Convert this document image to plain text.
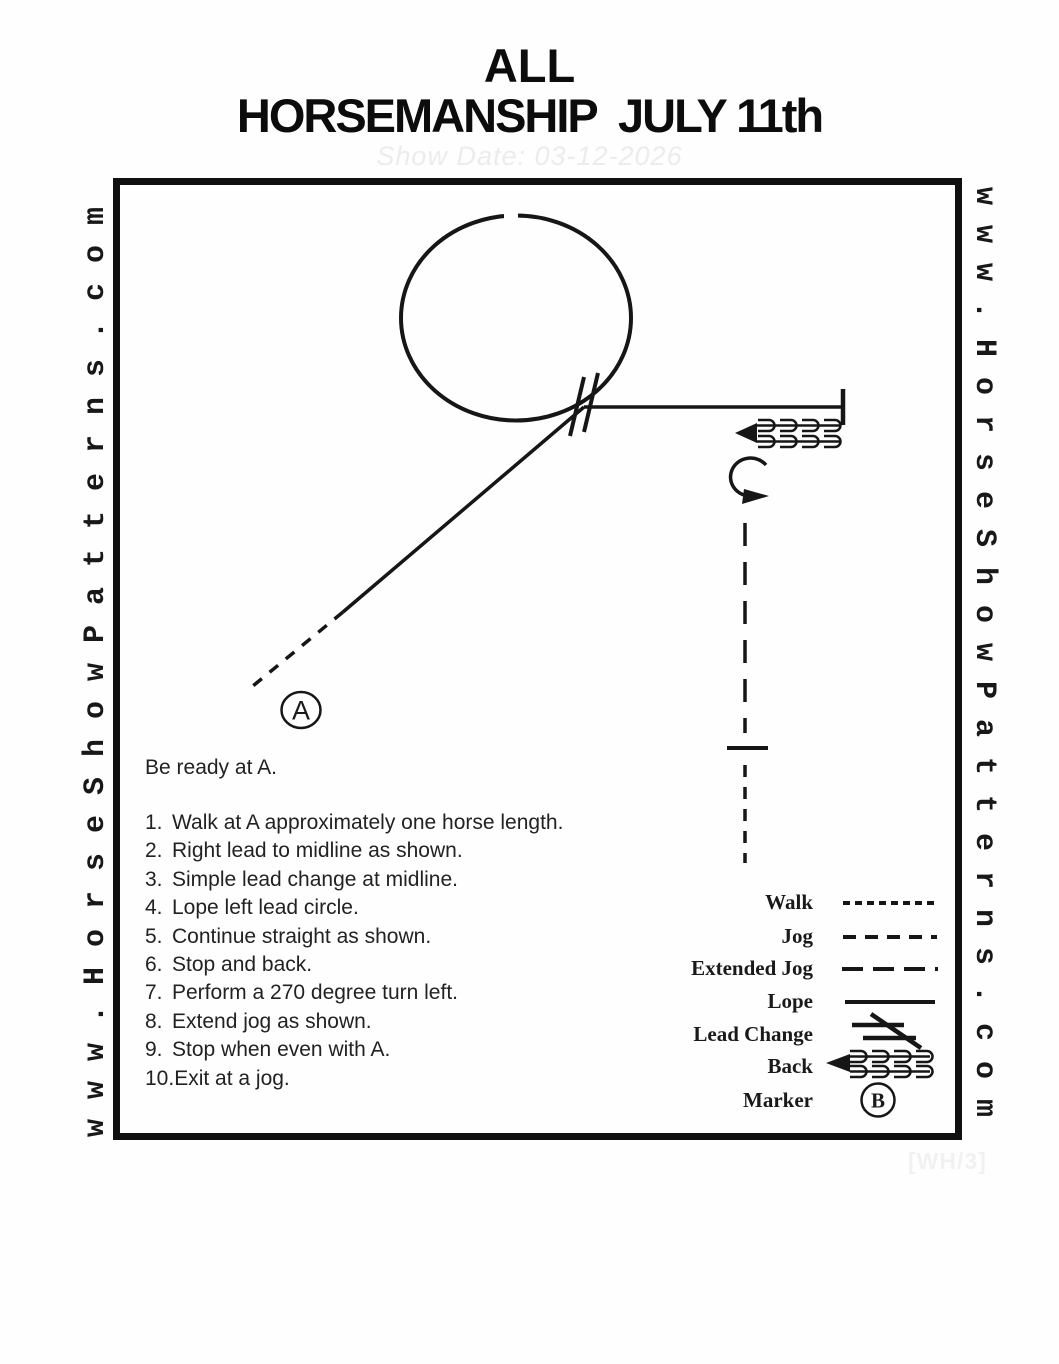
ALL
HORSEMANSHIP  JULY 11th
Show Date: 03-12-2026
www.HorseShowPatterns.com	www.HorseShowPatterns.com
A
B
Be ready at A.
1. Walk at A approximately one horse length.
2. Right lead to midline as shown.
3. Simple lead change at midline.
4. Lope left lead circle.
5. Continue straight as shown.
6. Stop and back.
7. Perform a 270 degree turn left.
8. Extend jog as shown.
9. Stop when even with A.
10. Exit at a jog.
Walk
Jog
Extended Jog
Lope
Lead Change
Back
Marker
[WH/3]
